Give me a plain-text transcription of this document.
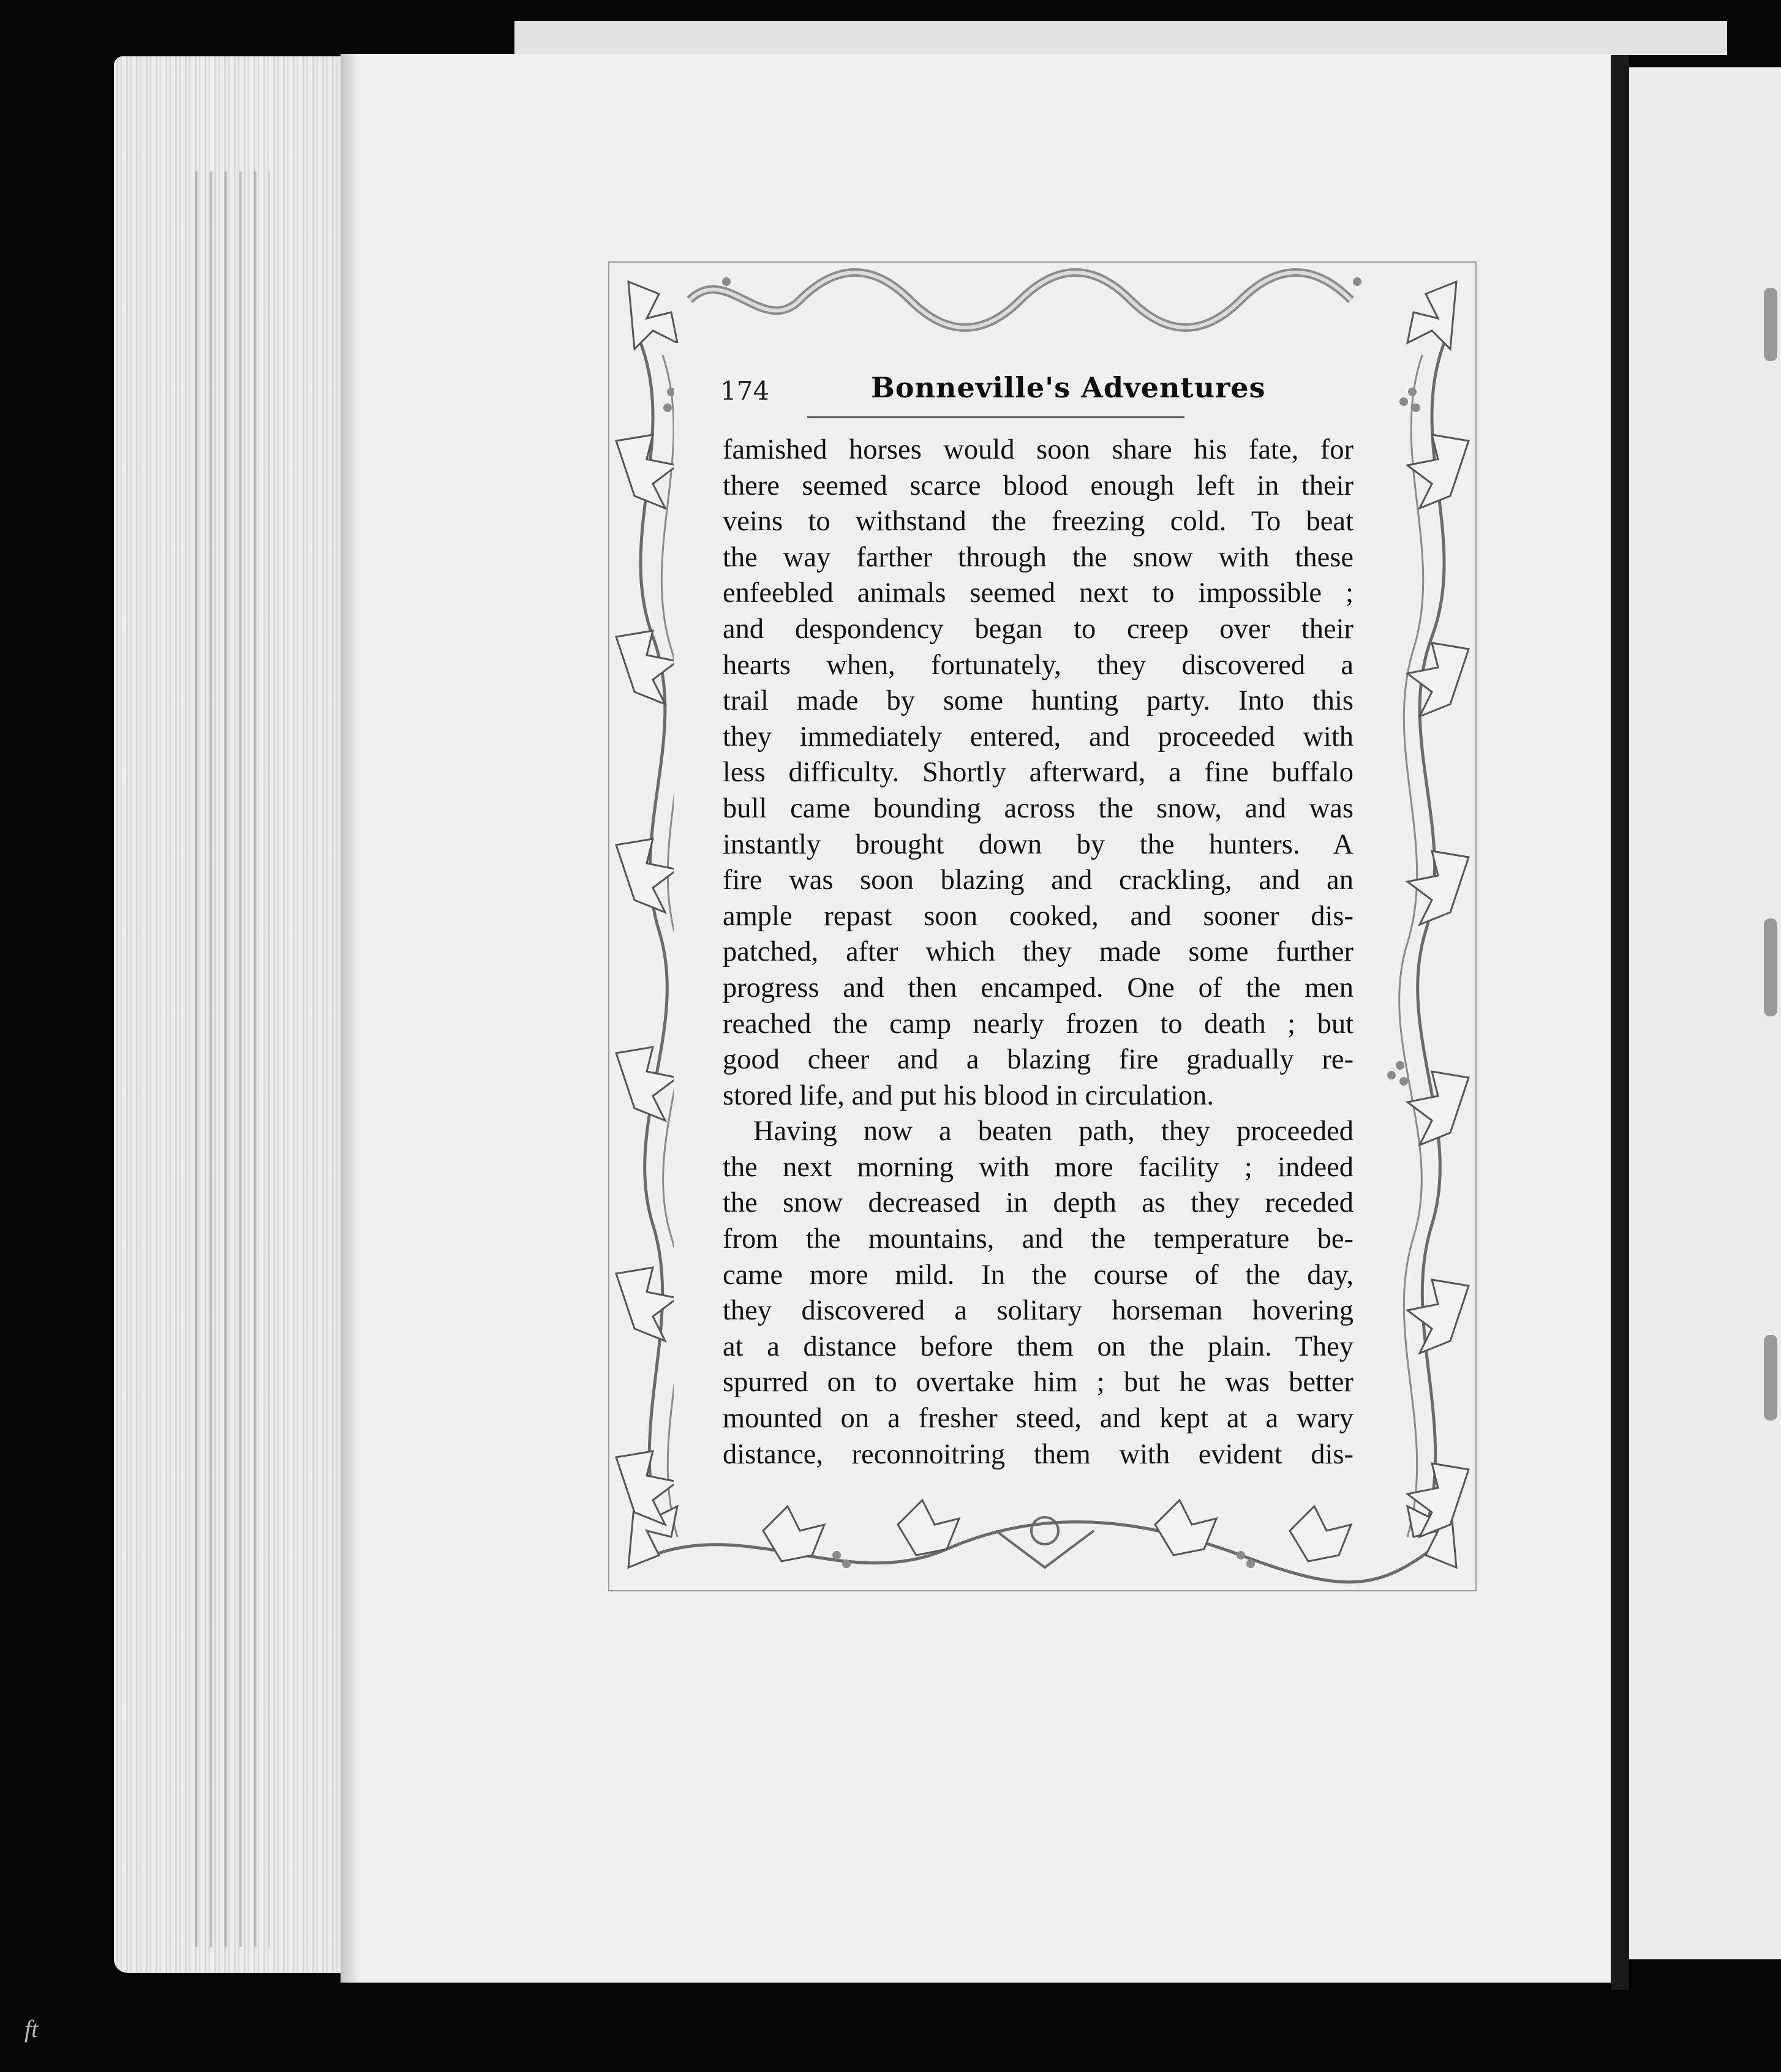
174	Bonneville's Adventures

famished horses would soon share his fate, for
there seemed scarce blood enough left in their
veins to withstand the freezing cold. To beat
the way farther through the snow with these
enfeebled animals seemed next to impossible ;
and despondency began to creep over their
hearts when, fortunately, they discovered a
trail made by some hunting party. Into this
they immediately entered, and proceeded with
less difficulty. Shortly afterward, a fine buffalo
bull came bounding across the snow, and was
instantly brought down by the hunters. A
fire was soon blazing and crackling, and an
ample repast soon cooked, and sooner dis-
patched, after which they made some further
progress and then encamped. One of the men
reached the camp nearly frozen to death ; but
good cheer and a blazing fire gradually re-
stored life, and put his blood in circulation.

Having now a beaten path, they proceeded
the next morning with more facility ; indeed
the snow decreased in depth as they receded
from the mountains, and the temperature be-
came more mild. In the course of the day,
they discovered a solitary horseman hovering
at a distance before them on the plain. They
spurred on to overtake him ; but he was better
mounted on a fresher steed, and kept at a wary
distance, reconnoitring them with evident dis-

ft
